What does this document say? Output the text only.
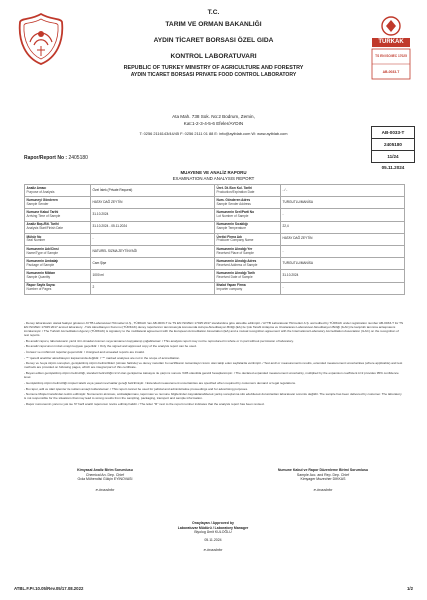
TÜRKAK
TS EN ISO/IEC 17025
AB-0033-T
T.C.
TARIM VE ORMAN BAKANLIĞI
AYDIN TİCARET BORSASI ÖZEL GIDA
KONTROL LABORATUVARI
REPUBLIC OF TURKEY MINISTRY OF AGRICULTURE AND FORESTRY
AYDIN TICARET BORSASI PRIVATE FOOD CONTROL LABORATORY
Ata Mah. 738 Sok. No:2 Bodrum, Zemin,
Kat:1-2-3-4-5-6 Efeler/AYDIN
T: 0256 2116143/44/45 F: 0256 2111 01 88 E: info@aytblab.com W: www.aytblab.com	AB-0033-T
2405180
11/24
05.11.2024
Rapor/Report No : 2405180
MUAYENE VE ANALİZ RAPORU
EXAMINATION AND ANALYSIS REPORT
Analiz Amacı
Purpose of Analysis	Özel İstek (Private Request)	Üret. Dt./Son Kul. Tarihi
Production/Expiration Date	- / -

Numuneyi Gönderen
Sample Sender	HATAY DAĞ ZEYTİN	Num. Gönderen Adres
Sample Sender Address	TURGUTLU/MANİSA

Numune Kabul Tarihi
Arriving Time of Sample	31.10.2024	Numunenin Seri/Parti No
Lot Number of Sample	-

Analiz Baş./Bit. Tarihi
Analysis Start/Finish Date	31.10.2024 - 05.11.2024	Numunenin Sıcaklığı
Sample Temperature	22,4

Mühür No
Seal Number	-	Üretici Firma Adı
Producer Company Name	HATAY DAĞ ZEYTİN

Numunenin Adı/Cinsi
Name/Type of Sample	NATUREL SIZMA ZEYTİNYAĞI	Numunenin Alındığı Yer
Received Place of Sample	-

Numunenin Ambalajı
Package of Sample	Cam Şişe	Numunenin Alındığı Adres
Received Address of Sample	TURGUTLU/MANİSA

Numunenin Miktarı
Sample Quantity	1000 ml	Numunenin Alındığı Tarih
Received Date of Sample	31.10.2024

Rapor Sayfa Sayısı
Number of Pages	2	İthalat Yapan Firma
Importer company	-

- Deney laboratuvarı olarak faaliyet gösteren AYTB Laboratuvar Hizmetleri A.Ş., TÜRKAK 'tan AB-0033-T ile TS EN ISO/IEC 17025:2017 standardına göre akredite edilmiştir. / AYTB Laboratuvar Hizmetleri A.Ş. accredited by TÜRKAK under registration number AB-0033-T for TS EN ISO/IEC 17025:2017 accred laboratory. -Türk Akreditasyon Kurumu (TÜRKAK) deney raporlarının tanınmasıyla konusunda Avrupa Akreditasyon Birliği (EA) ile Çok Taraflı Anlaşma ve Uluslararası Laboratuvar Akreditasyon Birliği (ILAC) ile karşılıklı tanınma anlaşmasını imzalamıştır. / The Turkish Accreditation Agency (TÜRKAK) is signatory to the multilateral agreement with the European Accreditation Association (EA) and a mutual recognition agreement with the International Laboratory Accreditation Association (ILAC) on the recognition of test reports.

- Bu analiz raporu, laboratuvarın yazılı izni olmadan kısmen veya tamamen kopyalanıp çoğaltılamaz. / This analysis report may not be reproduced in whole or in part without permission of laboratory.

- Bu analiz raporunun imzalı onaylı kopyası geçerlidir. / Only the signed and approved copy of the analysis report can be used.

- İmzasız ve mühürsüz raporlar geçersizdir. / Unsigned and unsealed reports are invalid.

- "*" işaretli analizler akreditasyon kapsamında değildir. / "*" marked analyses are not in the scope of accreditation.

- Deney ve /veya ölçüm sonuçları, genişletilmiş ölçüm belirsizlikleri (olması halinde) ve deney metotları bu sertifikanın tamamlayıcı kısmı olan takip eden sayfalarda verilmiştir. / Test and/ or measurements results, extended measurement uncertainties (where applicable) and test methods are provided on following pages, which are integral part of this certificate.

- Beyan edilen genişletilmiş ölçüm belirsizliği, standart belirsizliğin k=2 olan genişletme katsayısı ile çarpımı sonucu %95 olasılıkla gerekli hesaplanmıştır. / The declared expanded measurement uncertainty, multiplied by the expansion coefficient k=2 provides 95% confidence level.

- Genişletilmiş ölçüm belirsizliği müşteri talebi veya yasal mevzuatlar gereği belirtilmiştir. / Extended measurement uncertainties are specified when required by customers demand or legal regulations.

- Bu rapor, adli ve idari işlemler ile reklam amaçlı kullanılamaz. / This report cannot be used for judicial and administrative proceedings and for advertising purposes.

- Numune Müşteri tarafından teslim edilmiştir. Numunenin alınması, ambalajlanması, taşınması ve numune bilgilerinden kaynaklanabilecek yanlış sonuçlarına sitü edebilecek durumlardan laboratuvar sorumlu değildir. The sample has been delivered by customer. The laboratory is not responsible for the situations that may lead to wrong results from the sampling, packaging, transport and sample information.

- Rapor numunemin yorumu yok ise 'R' harfi analiz raporunun revize edilmiş halidir. / The letter "R" next to the report number indicates that the analysis report has been revised.

Kimyasal Analiz Birim Sorumlusu
Chemical An. Dep. Chief
Gıda Mühendisi Gülçin EYİNOVASI
e-imzalıdır
Numune Kabul ve Rapor Düzenleme Birimi Sorumlusu
Sample Acc. and Rep. Dep. Chief
Kimyager Muzecher DIKKAS
e-imzalıdır
Onaylayan / Approved by
Laboratuvar Müdürü / Laboratory Manager
Biyolog Ümit KULOĞLU
05.11.2024
e-imzalıdır
ATBL.F.Pr.10.05/Rev.05/17.08.2022	1/2
